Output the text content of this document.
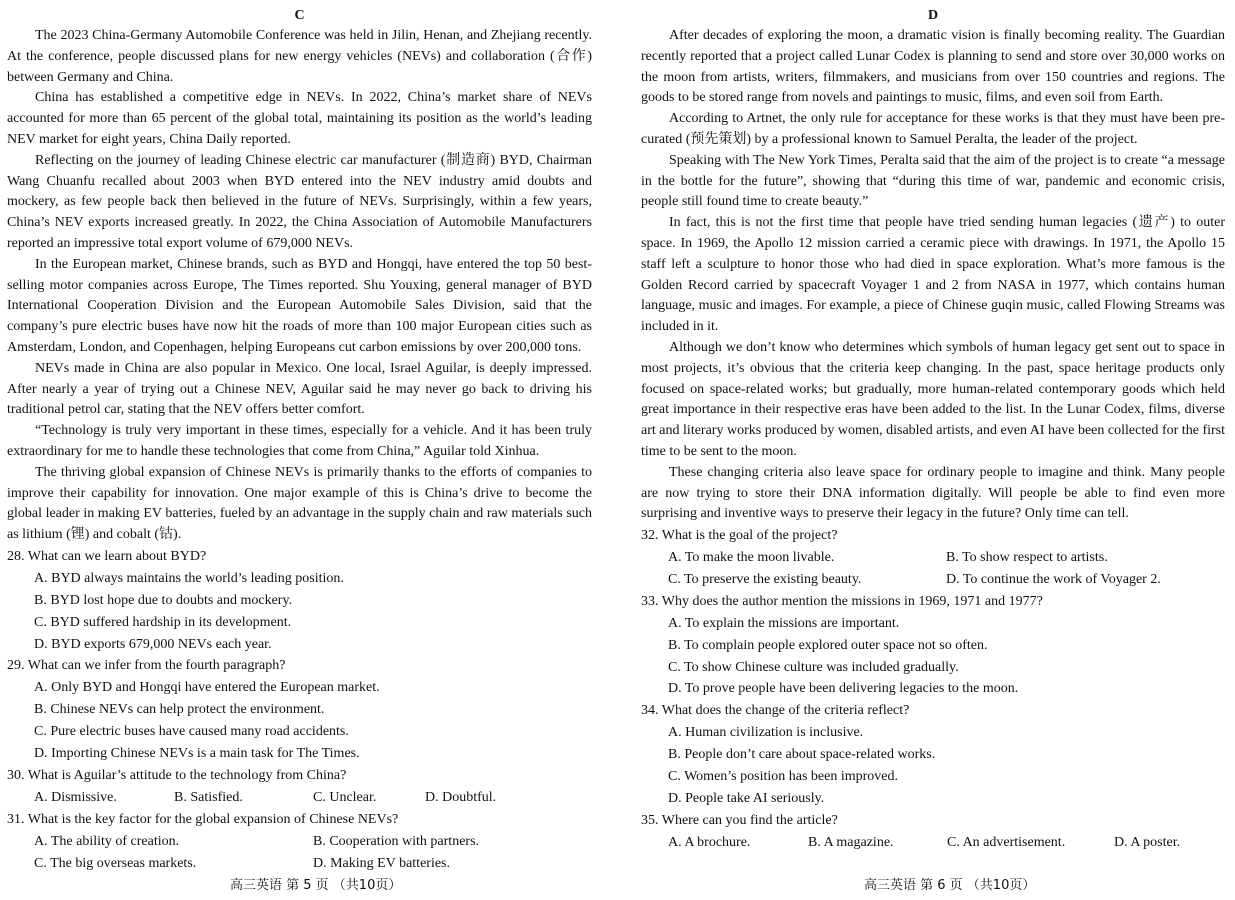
C

The 2023 China-Germany Automobile Conference was held in Jilin, Henan, and Zhejiang recently. At the conference, people discussed plans for new energy vehicles (NEVs) and collaboration (合作) between Germany and China.

China has established a competitive edge in NEVs. In 2022, China’s market share of NEVs accounted for more than 65 percent of the global total, maintaining its position as the world’s leading NEV market for eight years, China Daily reported.

Reflecting on the journey of leading Chinese electric car manufacturer (制造商) BYD, Chairman Wang Chuanfu recalled about 2003 when BYD entered into the NEV industry amid doubts and mockery, as few people back then believed in the future of NEVs. Surprisingly, within a few years, China’s NEV exports increased greatly. In 2022, the China Association of Automobile Manufacturers reported an impressive total export volume of 679,000 NEVs.

In the European market, Chinese brands, such as BYD and Hongqi, have entered the top 50 best-selling motor companies across Europe, The Times reported. Shu Youxing, general manager of BYD International Cooperation Division and the European Automobile Sales Division, said that the company’s pure electric buses have now hit the roads of more than 100 major European cities such as Amsterdam, London, and Copenhagen, helping Europeans cut carbon emissions by over 200,000 tons.

NEVs made in China are also popular in Mexico. One local, Israel Aguilar, is deeply impressed. After nearly a year of trying out a Chinese NEV, Aguilar said he may never go back to driving his traditional petrol car, stating that the NEV offers better comfort.

“Technology is truly very important in these times, especially for a vehicle. And it has been truly extraordinary for me to handle these technologies that come from China,” Aguilar told Xinhua.

The thriving global expansion of Chinese NEVs is primarily thanks to the efforts of companies to improve their capability for innovation. One major example of this is China’s drive to become the global leader in making EV batteries, fueled by an advantage in the supply chain and raw materials such as lithium (锂) and cobalt (钴).

28. What can we learn about BYD?

A. BYD always maintains the world’s leading position.

B. BYD lost hope due to doubts and mockery.

C. BYD suffered hardship in its development.

D. BYD exports 679,000 NEVs each year.

29. What can we infer from the fourth paragraph?

A. Only BYD and Hongqi have entered the European market.

B. Chinese NEVs can help protect the environment.

C. Pure electric buses have caused many road accidents.

D. Importing Chinese NEVs is a main task for The Times.

30. What is Aguilar’s attitude to the technology from China?

A. Dismissive.	B. Satisfied.	C. Unclear.	D. Doubtful.

31. What is the key factor for the global expansion of Chinese NEVs?

A. The ability of creation.	B. Cooperation with partners.
C. The big overseas markets.	D. Making EV batteries.
高三英语 第 5 页 （共10页）
D

After decades of exploring the moon, a dramatic vision is finally becoming reality. The Guardian recently reported that a project called Lunar Codex is planning to send and store over 30,000 works on the moon from artists, writers, filmmakers, and musicians from over 150 countries and regions. The goods to be stored range from novels and paintings to music, films, and even soil from Earth.

According to Artnet, the only rule for acceptance for these works is that they must have been pre-curated (预先策划) by a professional known to Samuel Peralta, the leader of the project.

Speaking with The New York Times, Peralta said that the aim of the project is to create “a message in the bottle for the future”, showing that “during this time of war, pandemic and economic crisis, people still found time to create beauty.”

In fact, this is not the first time that people have tried sending human legacies (遗产) to outer space. In 1969, the Apollo 12 mission carried a ceramic piece with drawings. In 1971, the Apollo 15 staff left a sculpture to honor those who had died in space exploration. What’s more famous is the Golden Record carried by spacecraft Voyager 1 and 2 from NASA in 1977, which contains human language, music and images. For example, a piece of Chinese guqin music, called Flowing Streams was included in it.

Although we don’t know who determines which symbols of human legacy get sent out to space in most projects, it’s obvious that the criteria keep changing. In the past, space heritage products only focused on space-related works; but gradually, more human-related contemporary goods which held great importance in their respective eras have been added to the list. In the Lunar Codex, films, diverse art and literary works produced by women, disabled artists, and even AI have been collected for the first time to be sent to the moon.

These changing criteria also leave space for ordinary people to imagine and think. Many people are now trying to store their DNA information digitally. Will people be able to find even more surprising and inventive ways to preserve their legacy in the future? Only time can tell.

32. What is the goal of the project?

A. To make the moon livable.	B. To show respect to artists.
C. To preserve the existing beauty.	D. To continue the work of Voyager 2.

33. Why does the author mention the missions in 1969, 1971 and 1977?

A. To explain the missions are important.

B. To complain people explored outer space not so often.

C. To show Chinese culture was included gradually.

D. To prove people have been delivering legacies to the moon.

34. What does the change of the criteria reflect?

A. Human civilization is inclusive.

B. People don’t care about space-related works.

C. Women’s position has been improved.

D. People take AI seriously.

35. Where can you find the article?

A. A brochure.	B. A magazine.	C. An advertisement.	D. A poster.
高三英语 第 6 页 （共10页）
